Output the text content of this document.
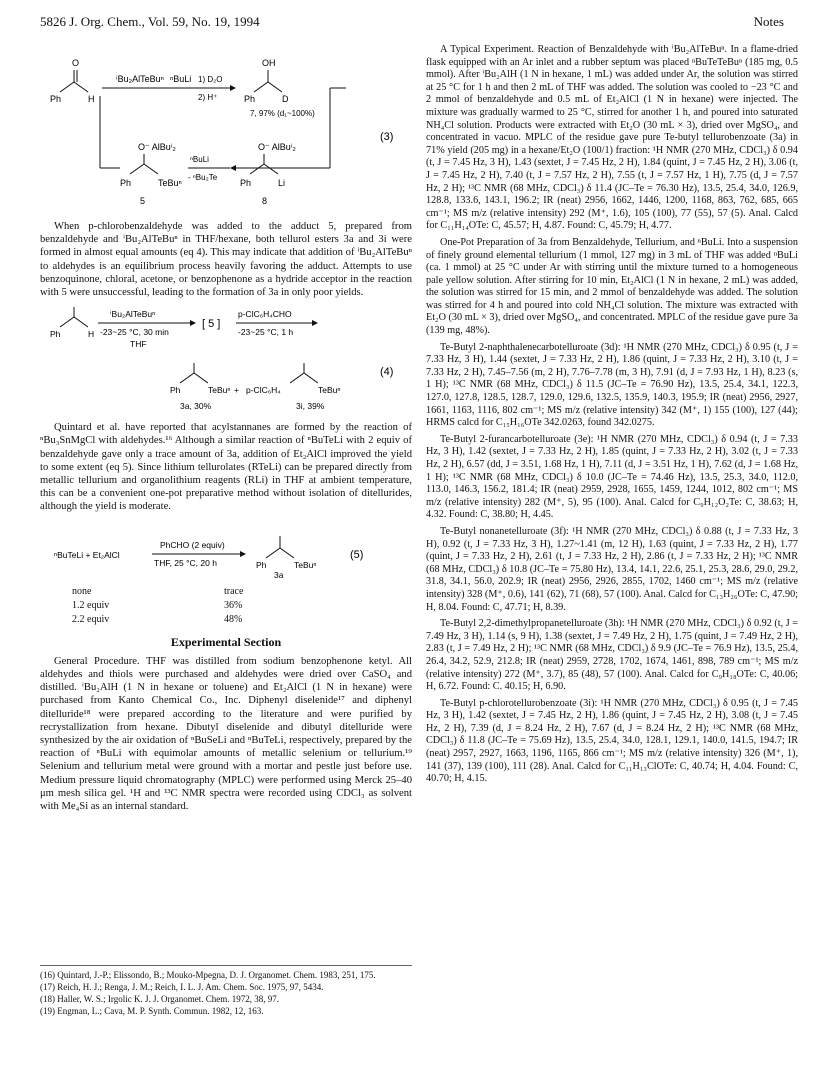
5826 J. Org. Chem., Vol. 59, No. 19, 1994	Notes
Ph	H
O
ⁱBu₂AlTeBuⁿ ⁿBuLi 1) D₂O
2) H⁺	Ph	D
OH
7, 97% (d₁~100%)
(3)
Ph	TeBuⁿ
O⁻ AlBuⁱ₂
5
ⁿBuLi
- ⁿBu₂Te
Ph	Li
O⁻ AlBuⁱ₂
8

When p-chlorobenzaldehyde was added to the adduct 5, prepared from benzaldehyde and ⁱBu₂AlTeBuⁿ in THF/hexane, both tellurol esters 3a and 3i were formed in almost equal amounts (eq 4). This may indicate that addition of ⁱBu₂AlTeBuⁿ to aldehydes is an equilibrium process heavily favoring the adduct. Attempts to use benzoquinone, chloral, acetone, or benzophenone as a hydride acceptor in the reaction with 5 were unsuccessful, leading to the formation of 3a in only poor yields.

Ph	H
ⁱBu₂AlTeBuⁿ
-23~25 °C, 30 min
THF
[ 5 ]
p-ClC₆H₄CHO
-23~25 °C, 1 h
(4)
Ph	TeBuⁿ + p-ClC₆H₄	TeBuⁿ
3a, 30%	3i, 39%

Quintard et al. have reported that acylstannanes are formed by the reaction of ⁿBu₃SnMgCl with aldehydes.¹⁶ Although a similar reaction of ⁿBuTeLi with 2 equiv of benzaldehyde gave only a trace amount of 3a, addition of Et₂AlCl improved the yield to some extent (eq 5). Since lithium tellurolates (RTeLi) can be prepared directly from metallic tellurium and organolithium reagents (RLi) in THF at ambient temperature, this can be a convenient one-pot preparative method without isolation of ditellurides, although the yield is moderate.

ⁿBuTeLi + Et₂AlCl
PhCHO (2 equiv)
THF, 25 °C, 20 h	Ph	TeBuⁿ
3a
(5)
none	trace
1.2 equiv	36%
2.2 equiv	48%
Experimental Section

General Procedure. THF was distilled from sodium benzophenone ketyl. All aldehydes and thiols were purchased and aldehydes were dried over CaSO₄ and distilled. ⁱBu₂AlH (1 N in hexane or toluene) and Et₂AlCl (1 N in hexane) were purchased from Kanto Chemical Co., Inc. Diphenyl diselenide¹⁷ and diphenyl ditelluride¹⁸ were prepared according to the literature and were purified by recrystallization from hexane. Dibutyl diselenide and dibutyl ditelluride were synthesized by the air oxidation of ⁿBuSeLi and ⁿBuTeLi, respectively, prepared by the reaction of ⁿBuLi with equimolar amounts of metallic selenium or tellurium.¹⁹ Selenium and tellurium metal were ground with a mortar and pestle just before use. Medium pressure liquid chromatography (MPLC) were performed using Merck 25–40 μm mesh silica gel. ¹H and ¹³C NMR spectra were recorded using CDCl₃ as solvent with Me₄Si as an internal standard.

(16) Quintard, J.-P.; Elissondo, B.; Mouko-Mpegna, D. J. Organomet. Chem. 1983, 251, 175.
(17) Reich, H. J.; Renga, J. M.; Reich, I. L. J. Am. Chem. Soc. 1975, 97, 5434.
(18) Haller, W. S.; Irgolic K. J. J. Organomet. Chem. 1972, 38, 97.
(19) Engman, L.; Cava, M. P. Synth. Commun. 1982, 12, 163.

A Typical Experiment. Reaction of Benzaldehyde with ⁱBu₂AlTeBuⁿ. In a flame-dried flask equipped with an Ar inlet and a rubber septum was placed ⁿBuTeTeBuⁿ (185 mg, 0.5 mmol). After ⁱBu₂AlH (1 N in hexane, 1 mL) was added under Ar, the solution was stirred at 25 °C for 1 h and then 2 mL of THF was added. The solution was cooled to −23 °C and 2 mmol of benzaldehyde and 0.5 mL of Et₂AlCl (1 N in hexane) were injected. The mixture was gradually warmed to 25 °C, stirred for another 1 h, and poured into saturated NH₄Cl solution. Products were extracted with Et₂O (30 mL × 3), dried over MgSO₄, and concentrated in vacuo. MPLC of the residue gave pure Te-butyl tellurobenzoate (3a) in 71% yield (205 mg) in a hexane/Et₂O (100/1) fraction: ¹H NMR (270 MHz, CDCl₃) δ 0.94 (t, J = 7.45 Hz, 3 H), 1.43 (sextet, J = 7.45 Hz, 2 H), 1.84 (quint, J = 7.45 Hz, 2 H), 3.06 (t, J = 7.45 Hz, 2 H), 7.40 (t, J = 7.57 Hz, 2 H), 7.55 (t, J = 7.57 Hz, 1 H), 7.75 (d, J = 7.57 Hz, 2 H); ¹³C NMR (68 MHz, CDCl₃) δ 11.4 (JC–Te = 76.30 Hz), 13.5, 25.4, 34.0, 126.9, 128.8, 133.6, 143.1, 196.2; IR (neat) 2956, 1662, 1446, 1200, 1168, 863, 762, 685, 665 cm⁻¹; MS m/z (relative intensity) 292 (M⁺, 1.6), 105 (100), 77 (55), 57 (5). Anal. Calcd for C₁₁H₁₄OTe: C, 45.57; H, 4.87. Found: C, 45.79; H, 4.77.

One-Pot Preparation of 3a from Benzaldehyde, Tellurium, and ⁿBuLi. Into a suspension of finely ground elemental tellurium (1 mmol, 127 mg) in 3 mL of THF was added ⁿBuLi (ca. 1 mmol) at 25 °C under Ar with stirring until the mixture turned to a homogeneous pale yellow solution. After stirring for 10 min, Et₂AlCl (1 N in hexane, 2 mL) was added, the solution was stirred for 15 min, and 2 mmol of benzaldehyde was added. The solution was stirred for 4 h and poured into cold NH₄Cl solution. The mixture was extracted with Et₂O (30 mL × 3), dried over MgSO₄, and concentrated. MPLC of the residue gave pure 3a (139 mg, 48%).

Te-Butyl 2-naphthalenecarbotelluroate (3d): ¹H NMR (270 MHz, CDCl₃) δ 0.95 (t, J = 7.33 Hz, 3 H), 1.44 (sextet, J = 7.33 Hz, 2 H), 1.86 (quint, J = 7.33 Hz, 2 H), 3.10 (t, J = 7.33 Hz, 2 H), 7.45–7.56 (m, 2 H), 7.76–7.78 (m, 3 H), 7.91 (d, J = 7.93 Hz, 1 H), 8.23 (s, 1 H); ¹³C NMR (68 MHz, CDCl₃) δ 11.5 (JC–Te = 76.90 Hz), 13.5, 25.4, 34.1, 122.3, 127.0, 127.8, 128.5, 128.7, 129.0, 129.6, 132.5, 135.9, 140.3, 195.9; IR (neat) 2956, 2927, 1661, 1163, 1116, 802 cm⁻¹; MS m/z (relative intensity) 342 (M⁺, 1) 155 (100), 127 (44); HRMS calcd for C₁₅H₁₆OTe 342.0263, found 342.0275.

Te-Butyl 2-furancarbotelluroate (3e): ¹H NMR (270 MHz, CDCl₃) δ 0.94 (t, J = 7.33 Hz, 3 H), 1.42 (sextet, J = 7.33 Hz, 2 H), 1.85 (quint, J = 7.33 Hz, 2 H), 3.02 (t, J = 7.33 Hz, 2 H), 6.57 (dd, J = 3.51, 1.68 Hz, 1 H), 7.11 (d, J = 3.51 Hz, 1 H), 7.62 (d, J = 1.68 Hz, 1 H); ¹³C NMR (68 MHz, CDCl₃) δ 10.0 (JC–Te = 74.46 Hz), 13.5, 25.3, 34.0, 112.0, 113.0, 146.3, 156.2, 181.4; IR (neat) 2959, 2928, 1655, 1459, 1244, 1012, 802 cm⁻¹; MS m/z (relative intensity) 282 (M⁺, 5), 95 (100). Anal. Calcd for C₉H₁₂O₂Te: C, 38.63; H, 4.32. Found: C, 38.80; H, 4.45.

Te-Butyl nonanetelluroate (3f): ¹H NMR (270 MHz, CDCl₃) δ 0.88 (t, J = 7.33 Hz, 3 H), 0.92 (t, J = 7.33 Hz, 3 H), 1.27~1.41 (m, 12 H), 1.63 (quint, J = 7.33 Hz, 2 H), 1.77 (quint, J = 7.33 Hz, 2 H), 2.61 (t, J = 7.33 Hz, 2 H), 2.86 (t, J = 7.33 Hz, 2 H); ¹³C NMR (68 MHz, CDCl₃) δ 10.8 (JC–Te = 75.80 Hz), 13.4, 14.1, 22.6, 25.1, 25.3, 28.6, 29.0, 29.2, 31.8, 34.1, 56.0, 202.9; IR (neat) 2956, 2926, 2855, 1702, 1460 cm⁻¹; MS m/z (relative intensity) 328 (M⁺, 0.6), 141 (62), 71 (68), 57 (100). Anal. Calcd for C₁₃H₂₆OTe: C, 47.90; H, 8.04. Found: C, 47.71; H, 8.39.

Te-Butyl 2,2-dimethylpropanetelluroate (3h): ¹H NMR (270 MHz, CDCl₃) δ 0.92 (t, J = 7.49 Hz, 3 H), 1.14 (s, 9 H), 1.38 (sextet, J = 7.49 Hz, 2 H), 1.75 (quint, J = 7.49 Hz, 2 H), 2.83 (t, J = 7.49 Hz, 2 H); ¹³C NMR (68 MHz, CDCl₃) δ 9.9 (JC–Te = 76.9 Hz), 13.5, 25.4, 26.4, 34.2, 52.9, 212.8; IR (neat) 2959, 2728, 1702, 1674, 1461, 898, 789 cm⁻¹; MS m/z (relative intensity) 272 (M⁺, 3.7), 85 (48), 57 (100). Anal. Calcd for C₉H₁₈OTe: C, 40.06; H, 6.72. Found: C. 40.15; H, 6.90.

Te-Butyl p-chlorotellurobenzoate (3i): ¹H NMR (270 MHz, CDCl₃) δ 0.95 (t, J = 7.45 Hz, 3 H), 1.42 (sextet, J = 7.45 Hz, 2 H), 1.86 (quint, J = 7.45 Hz, 2 H), 3.08 (t, J = 7.45 Hz, 2 H), 7.39 (d, J = 8.24 Hz, 2 H), 7.67 (d, J = 8.24 Hz, 2 H); ¹³C NMR (68 MHz, CDCl₃) δ 11.8 (JC–Te = 75.69 Hz), 13.5, 25.4, 34.0, 128.1, 129.1, 140.0, 141.5, 194.7; IR (neat) 2957, 2927, 1663, 1196, 1165, 866 cm⁻¹; MS m/z (relative intensity) 326 (M⁺, 1), 141 (37), 139 (100), 111 (28). Anal. Calcd for C₁₁H₁₃ClOTe: C, 40.74; H, 4.04. Found: C, 40.70; H, 4.15.
